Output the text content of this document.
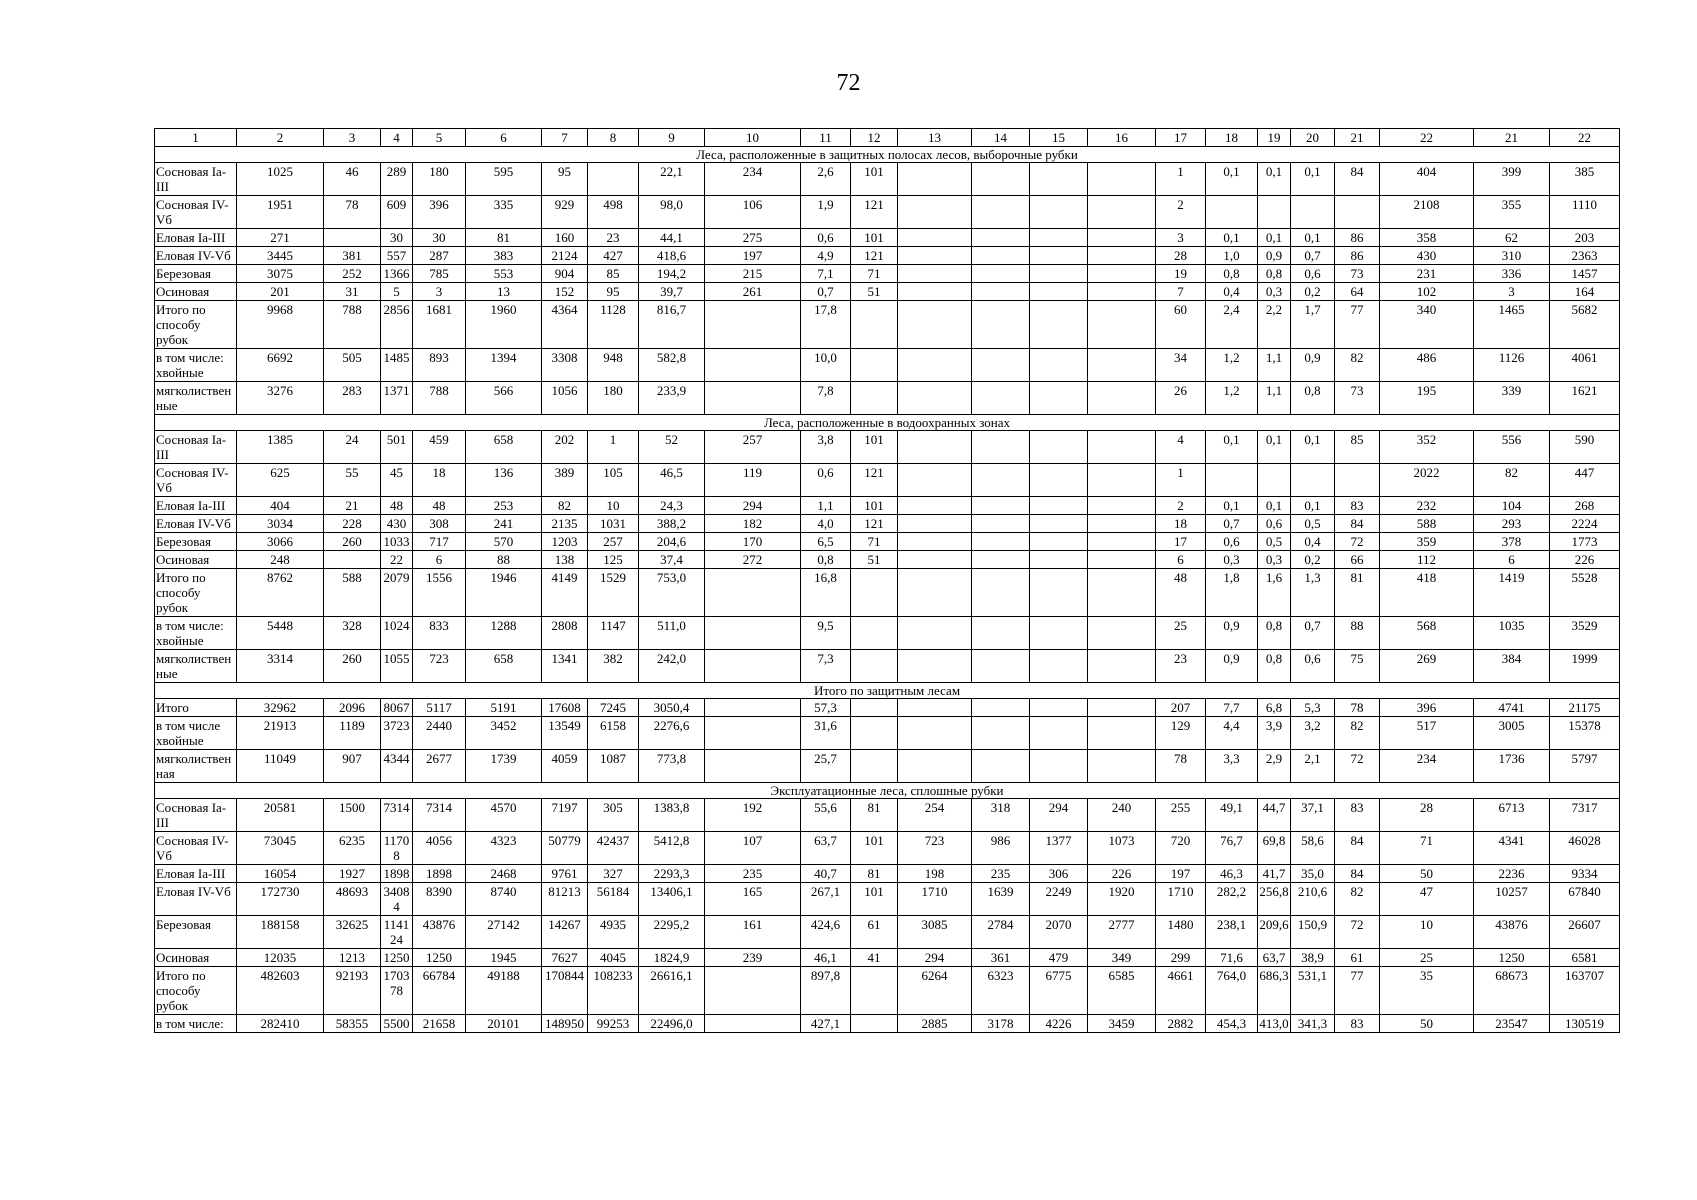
72
1	2	3	4	5	6	7	8	9	10	11	12	13	14	15	16	17	18	19	20	21	22	21	22
Леса, расположенные в защитных полосах лесов, выборочные рубки																							
Сосновая Ia-III	1025	46	289	180	595	95		22,1	234	2,6	101					1	0,1	0,1	0,1	84	404	399	385
Сосновая IV-Vб	1951	78	609	396	335	929	498	98,0	106	1,9	121					2					2108	355	1110
Еловая Ia-III	271		30	30	81	160	23	44,1	275	0,6	101					3	0,1	0,1	0,1	86	358	62	203
Еловая IV-Vб	3445	381	557	287	383	2124	427	418,6	197	4,9	121					28	1,0	0,9	0,7	86	430	310	2363
Березовая	3075	252	1366	785	553	904	85	194,2	215	7,1	71					19	0,8	0,8	0,6	73	231	336	1457
Осиновая	201	31	5	3	13	152	95	39,7	261	0,7	51					7	0,4	0,3	0,2	64	102	3	164
Итого по способу рубок	9968	788	2856	1681	1960	4364	1128	816,7		17,8						60	2,4	2,2	1,7	77	340	1465	5682
в том числе: хвойные	6692	505	1485	893	1394	3308	948	582,8		10,0						34	1,2	1,1	0,9	82	486	1126	4061
мягколиственные	3276	283	1371	788	566	1056	180	233,9		7,8						26	1,2	1,1	0,8	73	195	339	1621
Леса, расположенные в водоохранных зонах																							
Сосновая Ia-III	1385	24	501	459	658	202	1	52	257	3,8	101					4	0,1	0,1	0,1	85	352	556	590
Сосновая IV-Vб	625	55	45	18	136	389	105	46,5	119	0,6	121					1					2022	82	447
Еловая Ia-III	404	21	48	48	253	82	10	24,3	294	1,1	101					2	0,1	0,1	0,1	83	232	104	268
Еловая IV-Vб	3034	228	430	308	241	2135	1031	388,2	182	4,0	121					18	0,7	0,6	0,5	84	588	293	2224
Березовая	3066	260	1033	717	570	1203	257	204,6	170	6,5	71					17	0,6	0,5	0,4	72	359	378	1773
Осиновая	248		22	6	88	138	125	37,4	272	0,8	51					6	0,3	0,3	0,2	66	112	6	226
Итого по способу рубок	8762	588	2079	1556	1946	4149	1529	753,0		16,8						48	1,8	1,6	1,3	81	418	1419	5528
в том числе: хвойные	5448	328	1024	833	1288	2808	1147	511,0		9,5						25	0,9	0,8	0,7	88	568	1035	3529
мягколиственные	3314	260	1055	723	658	1341	382	242,0		7,3						23	0,9	0,8	0,6	75	269	384	1999
Итого по защитным лесам																							
Итого	32962	2096	8067	5117	5191	17608	7245	3050,4		57,3						207	7,7	6,8	5,3	78	396	4741	21175
в том числе хвойные	21913	1189	3723	2440	3452	13549	6158	2276,6		31,6						129	4,4	3,9	3,2	82	517	3005	15378
мягколиственная	11049	907	4344	2677	1739	4059	1087	773,8		25,7						78	3,3	2,9	2,1	72	234	1736	5797
Эксплуатационные леса, сплошные рубки																							
Сосновая Ia-III	20581	1500	7314	7314	4570	7197	305	1383,8	192	55,6	81	254	318	294	240	255	49,1	44,7	37,1	83	28	6713	7317
Сосновая IV-Vб	73045	6235	11708	4056	4323	50779	42437	5412,8	107	63,7	101	723	986	1377	1073	720	76,7	69,8	58,6	84	71	4341	46028
Еловая Ia-III	16054	1927	1898	1898	2468	9761	327	2293,3	235	40,7	81	198	235	306	226	197	46,3	41,7	35,0	84	50	2236	9334
Еловая IV-Vб	172730	48693	34084	8390	8740	81213	56184	13406,1	165	267,1	101	1710	1639	2249	1920	1710	282,2	256,8	210,6	82	47	10257	67840
Березовая	188158	32625	114124	43876	27142	14267	4935	2295,2	161	424,6	61	3085	2784	2070	2777	1480	238,1	209,6	150,9	72	10	43876	26607
Осиновая	12035	1213	1250	1250	1945	7627	4045	1824,9	239	46,1	41	294	361	479	349	299	71,6	63,7	38,9	61	25	1250	6581
Итого по способу рубок	482603	92193	170378	66784	49188	170844	108233	26616,1		897,8		6264	6323	6775	6585	4661	764,0	686,3	531,1	77	35	68673	163707
в том числе:	282410	58355	5500	21658	20101	148950	99253	22496,0		427,1		2885	3178	4226	3459	2882	454,3	413,0	341,3	83	50	23547	130519
